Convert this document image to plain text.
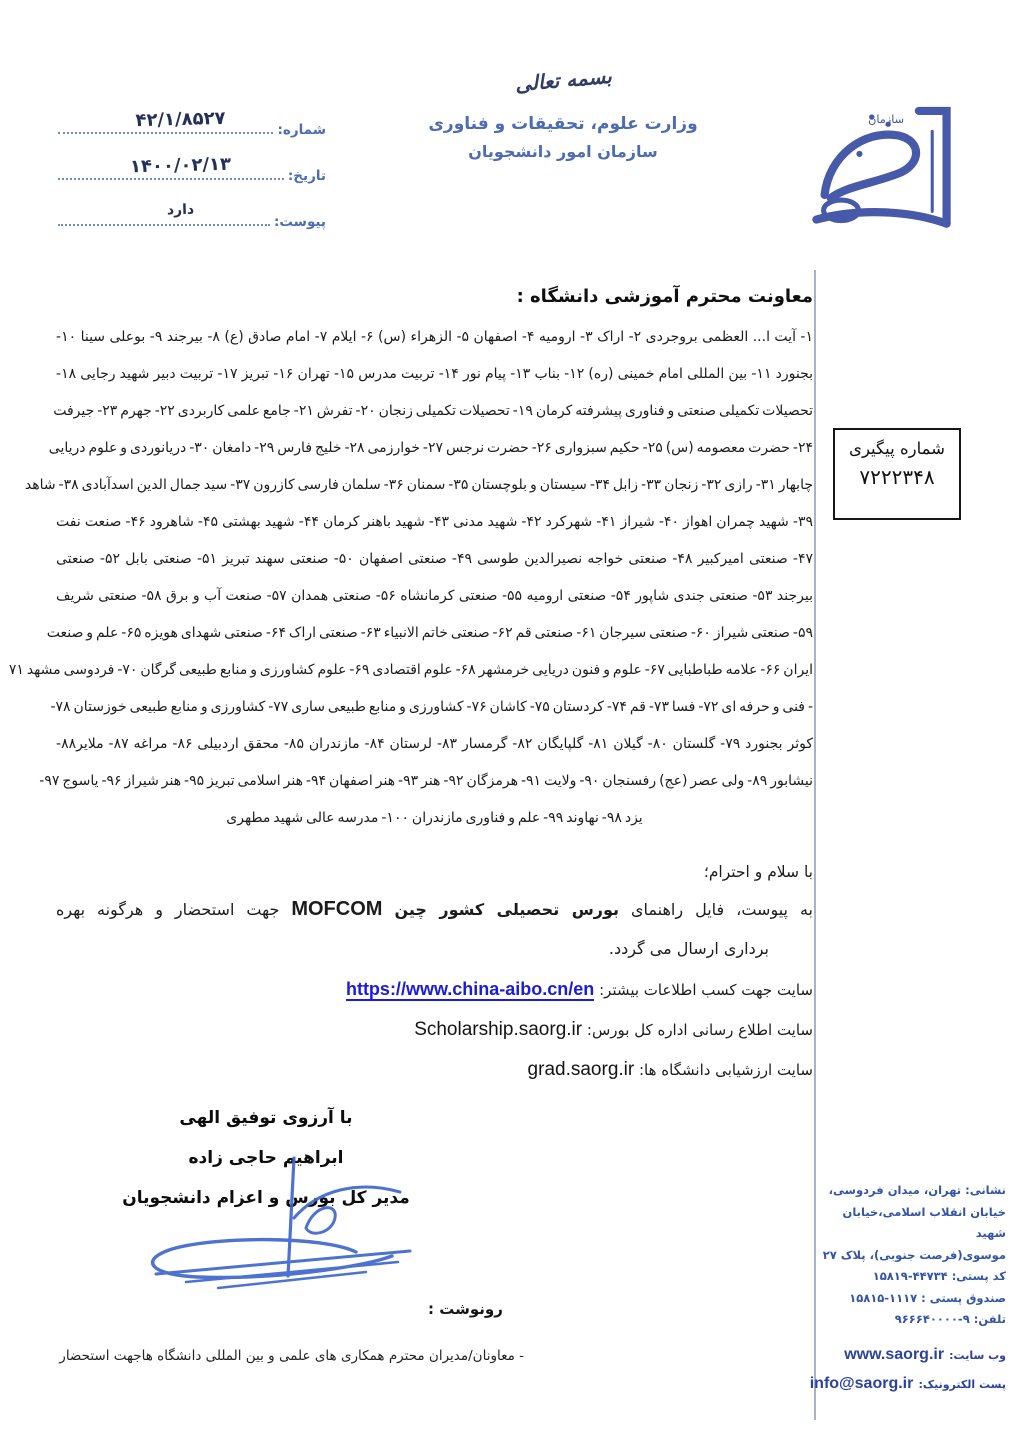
شماره:
۴۲/۱/۸۵۲۷
تاریخ:
۱۴۰۰/۰۲/۱۳
پیوست:
دارد
بسمه تعالی
وزارت علوم، تحقیقات و فناوری
سازمان امور دانشجویان
سازمان
شماره پیگیری
۷۲۲۲۳۴۸
معاونت محترم آموزشی دانشگاه :
۱- آیت ا... العظمی بروجردی ۲- اراک ۳- ارومیه ۴- اصفهان ۵- الزهراء (س) ۶- ایلام ۷- امام صادق (ع) ۸- بیرجند ۹- بوعلی سینا ۱۰-
بجنورد ۱۱- بین المللی امام خمینی (ره) ۱۲- بناب ۱۳- پیام نور ۱۴- تربیت مدرس ۱۵- تهران ۱۶- تبریز ۱۷- تربیت دبیر شهید رجایی ۱۸-
تحصیلات تکمیلی صنعتی و فناوری پیشرفته کرمان ۱۹- تحصیلات تکمیلی زنجان ۲۰- تفرش ۲۱- جامع علمی کاربردی ۲۲- جهرم ۲۳- جیرفت
۲۴- حضرت معصومه (س) ۲۵- حکیم سبزواری ۲۶- حضرت نرجس ۲۷- خوارزمی ۲۸- خلیج فارس ۲۹- دامغان ۳۰- دریانوردی و علوم دریایی
چابهار ۳۱- رازی ۳۲- زنجان ۳۳- زابل ۳۴- سیستان و بلوچستان ۳۵- سمنان ۳۶- سلمان فارسی کازرون ۳۷- سید جمال الدین اسدآبادی ۳۸- شاهد
۳۹- شهید چمران اهواز ۴۰- شیراز ۴۱- شهرکرد ۴۲- شهید مدنی ۴۳- شهید باهنر کرمان ۴۴- شهید بهشتی ۴۵- شاهرود ۴۶- صنعت نفت
۴۷- صنعتی امیرکبیر ۴۸- صنعتی خواجه نصیرالدین طوسی ۴۹- صنعتی اصفهان ۵۰- صنعتی سهند تبریز ۵۱- صنعتی بابل ۵۲- صنعتی
بیرجند ۵۳- صنعتی جندی شاپور ۵۴- صنعتی ارومیه ۵۵- صنعتی کرمانشاه ۵۶- صنعتی همدان ۵۷- صنعت آب و برق ۵۸- صنعتی شریف
۵۹- صنعتی شیراز ۶۰- صنعتی سیرجان ۶۱- صنعتی قم ۶۲- صنعتی خاتم الانبیاء ۶۳- صنعتی اراک ۶۴- صنعتی شهدای هویزه ۶۵- علم و صنعت
ایران ۶۶- علامه طباطبایی ۶۷- علوم و فنون دریایی خرمشهر ۶۸- علوم اقتصادی ۶۹- علوم کشاورزی و منابع طبیعی گرگان ۷۰- فردوسی مشهد ۷۱
- فنی و حرفه ای ۷۲- فسا ۷۳- قم ۷۴- کردستان ۷۵- کاشان ۷۶- کشاورزی و منابع طبیعی ساری ۷۷- کشاورزی و منابع طبیعی خوزستان ۷۸-
کوثر بجنورد ۷۹- گلستان ۸۰- گیلان ۸۱- گلپایگان ۸۲- گرمسار ۸۳- لرستان ۸۴- مازندران ۸۵- محقق اردبیلی ۸۶- مراغه ۸۷- ملایر۸۸-
نیشابور ۸۹- ولی عصر (عج) رفسنجان ۹۰- ولایت ۹۱- هرمزگان ۹۲- هنر ۹۳- هنر اصفهان ۹۴- هنر اسلامی تبریز ۹۵- هنر شیراز ۹۶- یاسوج ۹۷-
یزد ۹۸- نهاوند ۹۹- علم و فناوری مازندران ۱۰۰- مدرسه عالی شهید مطهری
با سلام و احترام؛
به پیوست، فایل راهنمای بورس تحصیلی کشور چین MOFCOM جهت استحضار و هرگونه بهره
برداری ارسال می گردد.
سایت جهت کسب اطلاعات بیشتر: https://www.china-aibo.cn/en
سایت اطلاع رسانی اداره کل بورس: Scholarship.saorg.ir
سایت ارزشیابی دانشگاه ها: grad.saorg.ir
با آرزوی توفیق الهی
ابراهیم حاجی زاده
مدیر کل بورس و اعزام دانشجویان
رونوشت :
- معاونان/مدیران محترم همکاری های علمی و بین المللی دانشگاه هاجهت استحضار
نشانی: تهران، میدان فردوسی،
خیابان انقلاب اسلامی،خیابان شهید
موسوی(فرصت جنوبی)، پلاک ۲۷
کد پستی: ۱۵۸۱۹-۴۴۷۳۴
صندوق پستی : ۱۵۸۱۵-۱۱۱۷
تلفن: ۹۶۶۶۴۰۰۰۰-۹
وب سایت: www.saorg.ir
پست الکترونیک: info@saorg.ir
